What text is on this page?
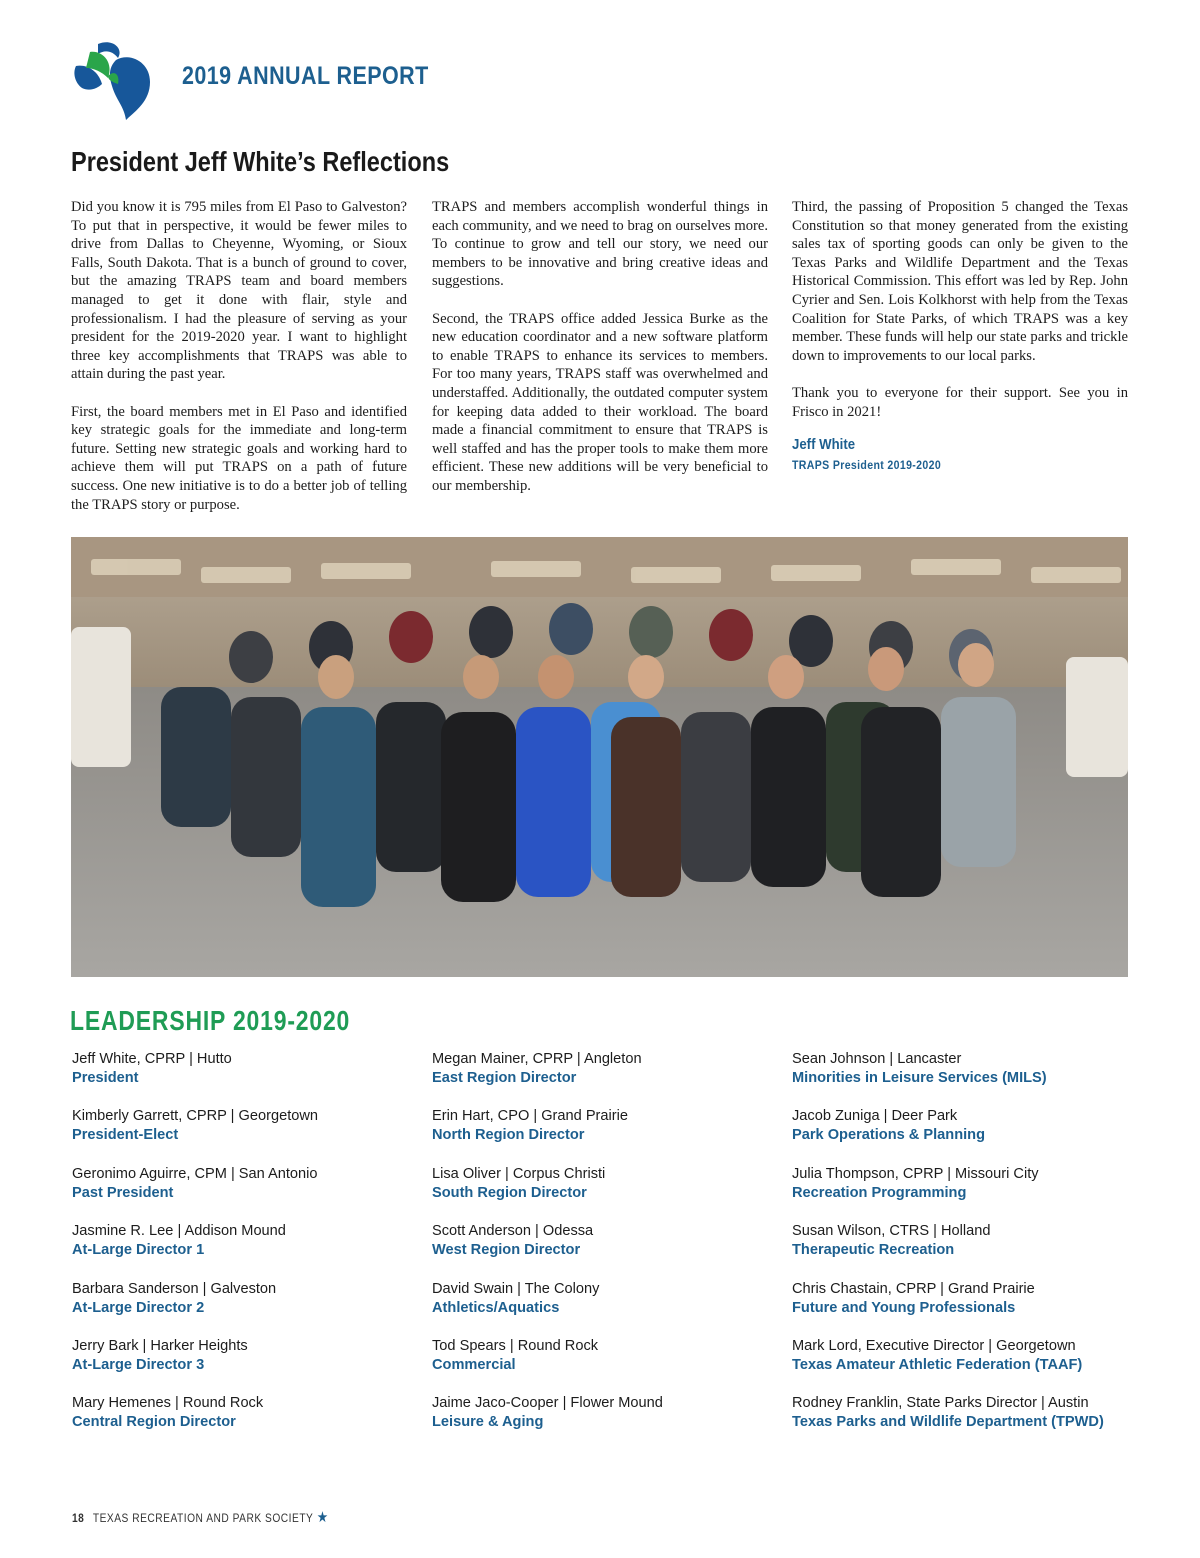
2019 ANNUAL REPORT
President Jeff White’s Reflections

Did you know it is 795 miles from El Paso to Galveston? To put that in perspective, it would be fewer miles to drive from Dallas to Cheyenne, Wyoming, or Sioux Falls, South Dakota. That is a bunch of ground to cover, but the amazing TRAPS team and board members managed to get it done with flair, style and professionalism. I had the pleasure of serving as your president for the 2019-2020 year. I want to highlight three key accomplishments that TRAPS was able to attain during the past year.

First, the board members met in El Paso and identified key strategic goals for the immediate and long-term future. Setting new strategic goals and working hard to achieve them will put TRAPS on a path of future success. One new initiative is to do a better job of telling the TRAPS story or purpose.

TRAPS and members accomplish wonderful things in each community, and we need to brag on ourselves more. To continue to grow and tell our story, we need our members to be innovative and bring creative ideas and suggestions.

Second, the TRAPS office added Jessica Burke as the new education coordinator and a new software platform to enable TRAPS to enhance its services to members. For too many years, TRAPS staff was overwhelmed and understaffed. Additionally, the outdated computer system for keeping data added to their workload. The board made a financial commitment to ensure that TRAPS is well staffed and has the proper tools to make them more efficient. These new additions will be very beneficial to our membership.

Third, the passing of Proposition 5 changed the Texas Constitution so that money generated from the existing sales tax of sporting goods can only be given to the Texas Parks and Wildlife Department and the Texas Historical Commission. This effort was led by Rep. John Cyrier and Sen. Lois Kolkhorst with help from the Texas Coalition for State Parks, of which TRAPS was a key member. These funds will help our state parks and trickle down to improvements to our local parks.

Thank you to everyone for their support. See you in Frisco in 2021!

Jeff White
TRAPS President 2019-2020
LEADERSHIP 2019-2020
Jeff White, CPRP | Hutto
President
Kimberly Garrett, CPRP | Georgetown
President-Elect
Geronimo Aguirre, CPM | San Antonio
Past President
Jasmine R. Lee | Addison Mound
At-Large Director 1
Barbara Sanderson | Galveston
At-Large Director 2
Jerry Bark | Harker Heights
At-Large Director 3
Mary Hemenes | Round Rock
Central Region Director
Megan Mainer, CPRP | Angleton
East Region Director
Erin Hart, CPO | Grand Prairie
North Region Director
Lisa Oliver | Corpus Christi
South Region Director
Scott Anderson | Odessa
West Region Director
David Swain | The Colony
Athletics/Aquatics
Tod Spears | Round Rock
Commercial
Jaime Jaco-Cooper | Flower Mound
Leisure & Aging
Sean Johnson | Lancaster
Minorities in Leisure Services (MILS)
Jacob Zuniga | Deer Park
Park Operations & Planning
Julia Thompson, CPRP | Missouri City
Recreation Programming
Susan Wilson, CTRS | Holland
Therapeutic Recreation
Chris Chastain, CPRP | Grand Prairie
Future and Young Professionals
Mark Lord, Executive Director | Georgetown
Texas Amateur Athletic Federation (TAAF)
Rodney Franklin, State Parks Director | Austin
Texas Parks and Wildlife Department (TPWD)
18 TEXAS RECREATION AND PARK SOCIETY ★
